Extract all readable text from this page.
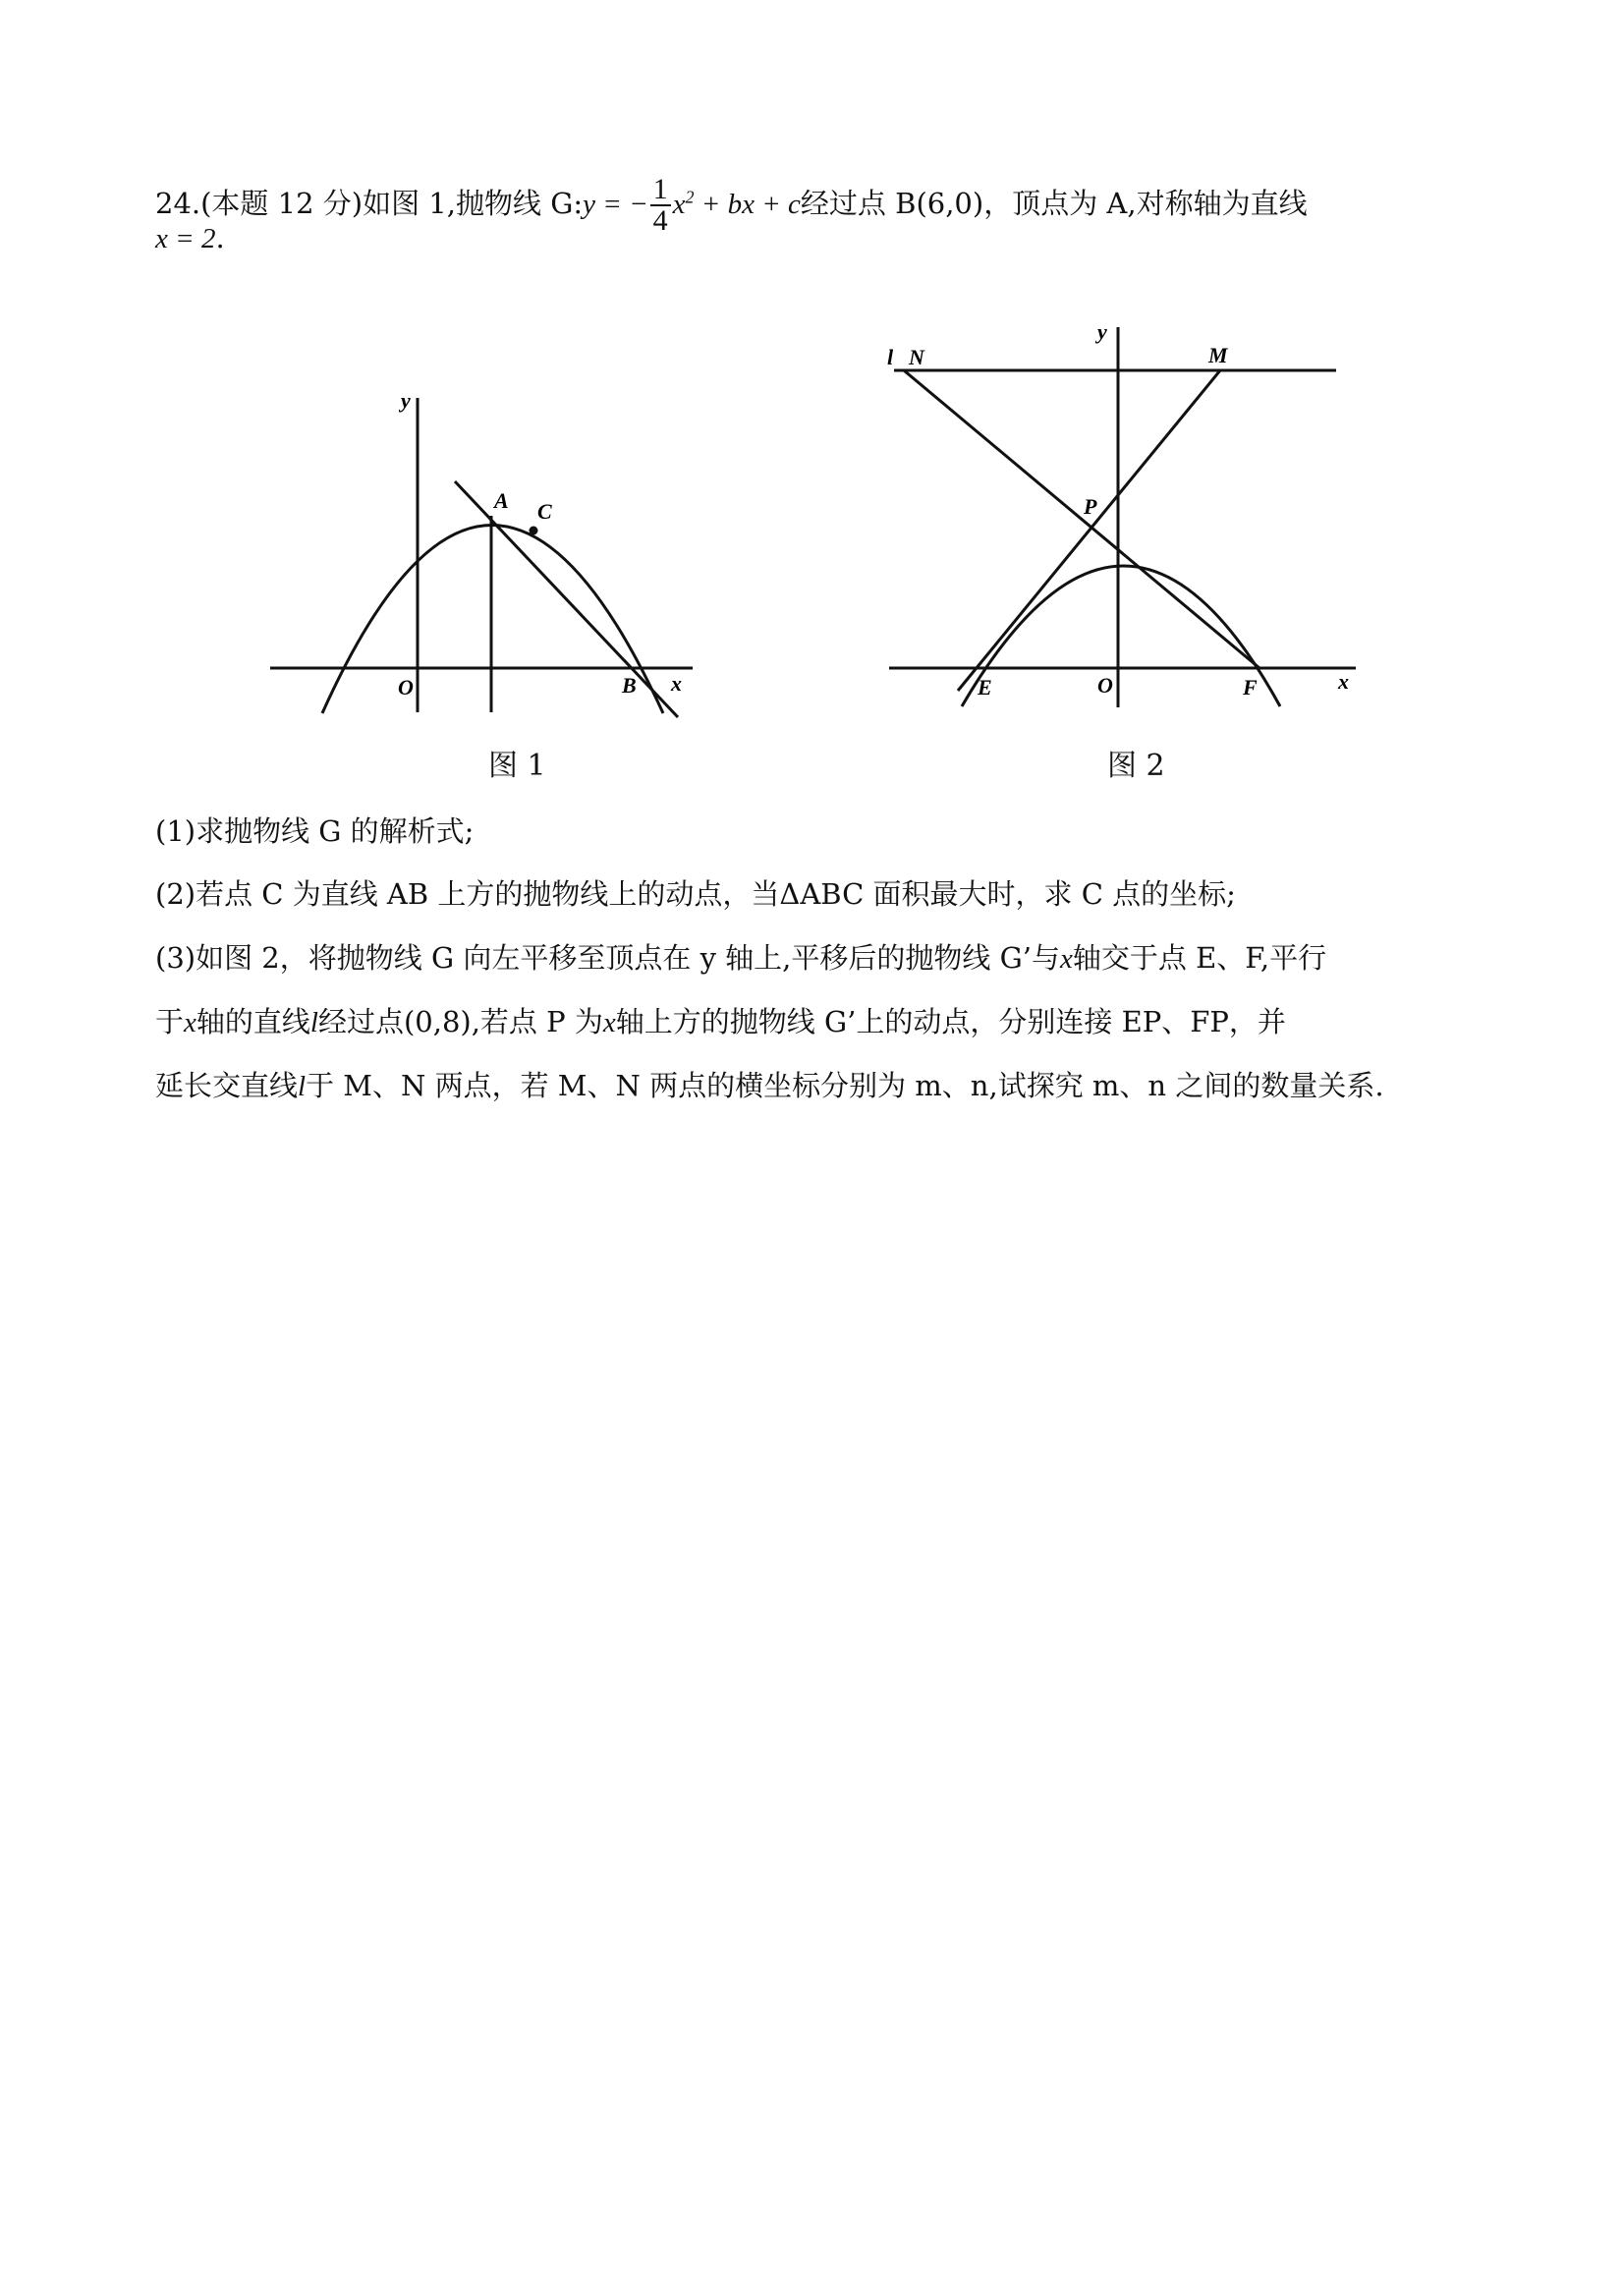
24.(本题 12 分)如图 1,抛物线 G:y = − $\frac{1}{4} x^2$ + bx + c经过点 B(6,0)，顶点为 A,对称轴为直线
x = 2.
y
A C
O	B x
图 1
l N
y
M
P
E	O	F	x
图 2
(1)求抛物线 G 的解析式;
(2)若点 C 为直线 AB 上方的抛物线上的动点，当ΔABC 面积最大时，求 C 点的坐标;
(3)如图 2，将抛物线 G 向左平移至顶点在 y 轴上,平移后的抛物线 G’与x轴交于点 E、F,平行
于x轴的直线l经过点(0,8),若点 P 为x轴上方的抛物线 G’上的动点，分别连接 EP、FP，并
延长交直线l于 M、N 两点，若 M、N 两点的横坐标分别为 m、n,试探究 m、n 之间的数量关系.
